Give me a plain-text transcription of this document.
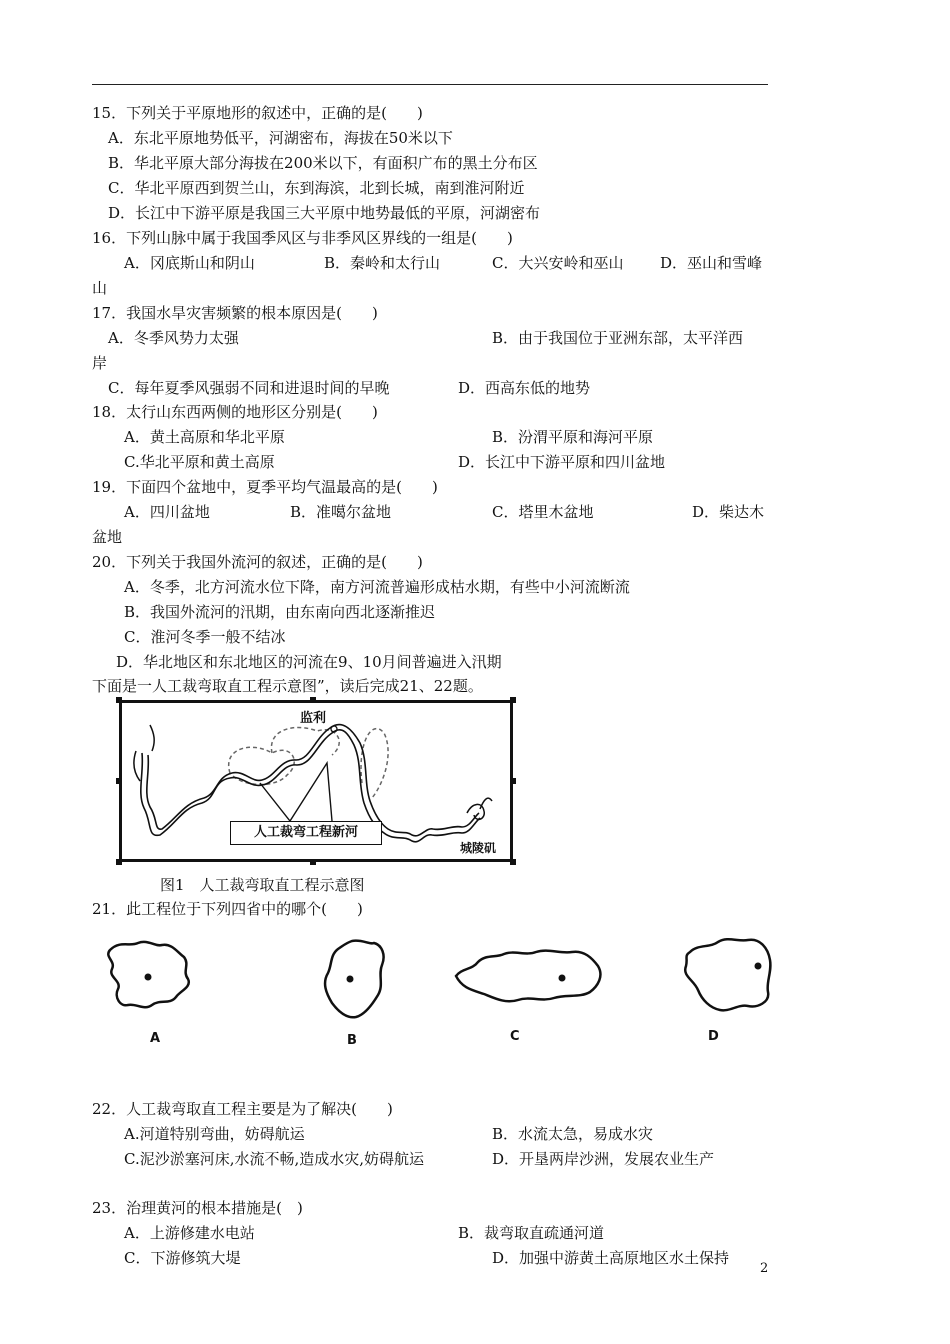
15．下列关于平原地形的叙述中，正确的是(　　)
A．东北平原地势低平，河湖密布，海拔在50米以下
B．华北平原大部分海拔在200米以下，有面积广布的黑土分布区
C．华北平原西到贺兰山，东到海滨，北到长城，南到淮河附近
D．长江中下游平原是我国三大平原中地势最低的平原，河湖密布
16．下列山脉中属于我国季风区与非季风区界线的一组是(　　)
A．冈底斯山和阴山	B．秦岭和太行山	C．大兴安岭和巫山 D．巫山和雪峰
山
17．我国水旱灾害频繁的根本原因是(　　)
A．冬季风势力太强	B．由于我国位于亚洲东部，太平洋西
岸
C．每年夏季风强弱不同和进退时间的早晚	D．西高东低的地势
18．太行山东西两侧的地形区分别是(　　)
A．黄土高原和华北平原	B．汾渭平原和海河平原
C.华北平原和黄土高原	D．长江中下游平原和四川盆地
19．下面四个盆地中，夏季平均气温最高的是(　　)
A．四川盆地	B．准噶尔盆地	C．塔里木盆地	D．柴达木
盆地
20．下列关于我国外流河的叙述，正确的是(　　)
A．冬季，北方河流水位下降，南方河流普遍形成枯水期，有些中小河流断流
B．我国外流河的汛期，由东南向西北逐渐推迟
C．淮河冬季一般不结冰
D．华北地区和东北地区的河流在9、10月间普遍进入汛期
下面是一人工裁弯取直工程示意图”，读后完成21、22题。
监利
人工裁弯工程新河
城陵矶
图1　人工裁弯取直工程示意图
21．此工程位于下列四省中的哪个(　　)
A	B	C	D
22．人工裁弯取直工程主要是为了解决(　　)
A.河道特别弯曲，妨碍航运	B．水流太急，易成水灾
C.泥沙淤塞河床,水流不畅,造成水灾,妨碍航运	D．开垦两岸沙洲，发展农业生产
23．治理黄河的根本措施是(　)
A．上游修建水电站	B．裁弯取直疏通河道
C．下游修筑大堤	D．加强中游黄土高原地区水土保持
2
